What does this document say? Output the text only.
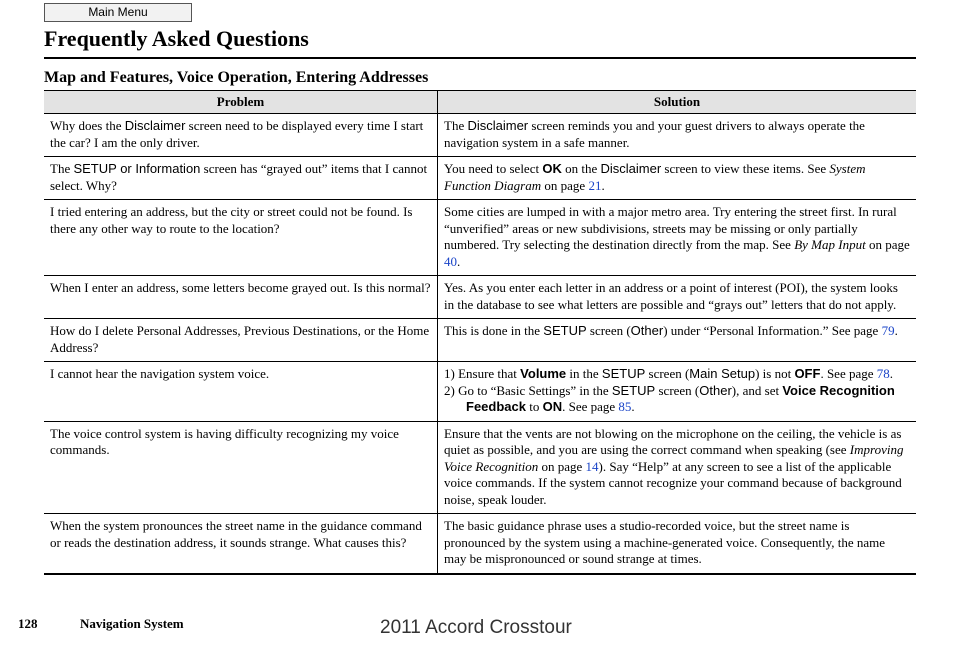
Main Menu
Frequently Asked Questions
Map and Features, Voice Operation, Entering Addresses
Problem	Solution
Why does the Disclaimer screen need to be displayed every time I start the car? I am the only driver.	The Disclaimer screen reminds you and your guest drivers to always operate the navigation system in a safe manner.
The SETUP or Information screen has “grayed out” items that I cannot select. Why?	You need to select OK on the Disclaimer screen to view these items. See System Function Diagram on page 21.
I tried entering an address, but the city or street could not be found. Is there any other way to route to the location?	Some cities are lumped in with a major metro area. Try entering the street first. In rural “unverified” areas or new subdivisions, streets may be missing or only partially numbered. Try selecting the destination directly from the map. See By Map Input on page 40.
When I enter an address, some letters become grayed out. Is this normal?	Yes. As you enter each letter in an address or a point of interest (POI), the system looks in the database to see what letters are possible and “grays out” letters that do not apply.
How do I delete Personal Addresses, Previous Destinations, or the Home Address?	This is done in the SETUP screen (Other) under “Personal Information.” See page 79.
I cannot hear the navigation system voice.	1) Ensure that Volume in the SETUP screen (Main Setup) is not OFF. See page 78.
2) Go to “Basic Settings” in the SETUP screen (Other), and set Voice Recognition Feedback to ON. See page 85.

The voice control system is having difficulty recognizing my voice commands.	Ensure that the vents are not blowing on the microphone on the ceiling, the vehicle is as quiet as possible, and you are using the correct command when speaking (see Improving Voice Recognition on page 14). Say “Help” at any screen to see a list of the applicable voice commands. If the system cannot recognize your command because of background noise, speak louder.
When the system pronounces the street name in the guidance command or reads the destination address, it sounds strange. What causes this?	The basic guidance phrase uses a studio-recorded voice, but the street name is pronounced by the system using a machine-generated voice. Consequently, the name may be mispronounced or sound strange at times.
128	Navigation System	2011 Accord Crosstour
